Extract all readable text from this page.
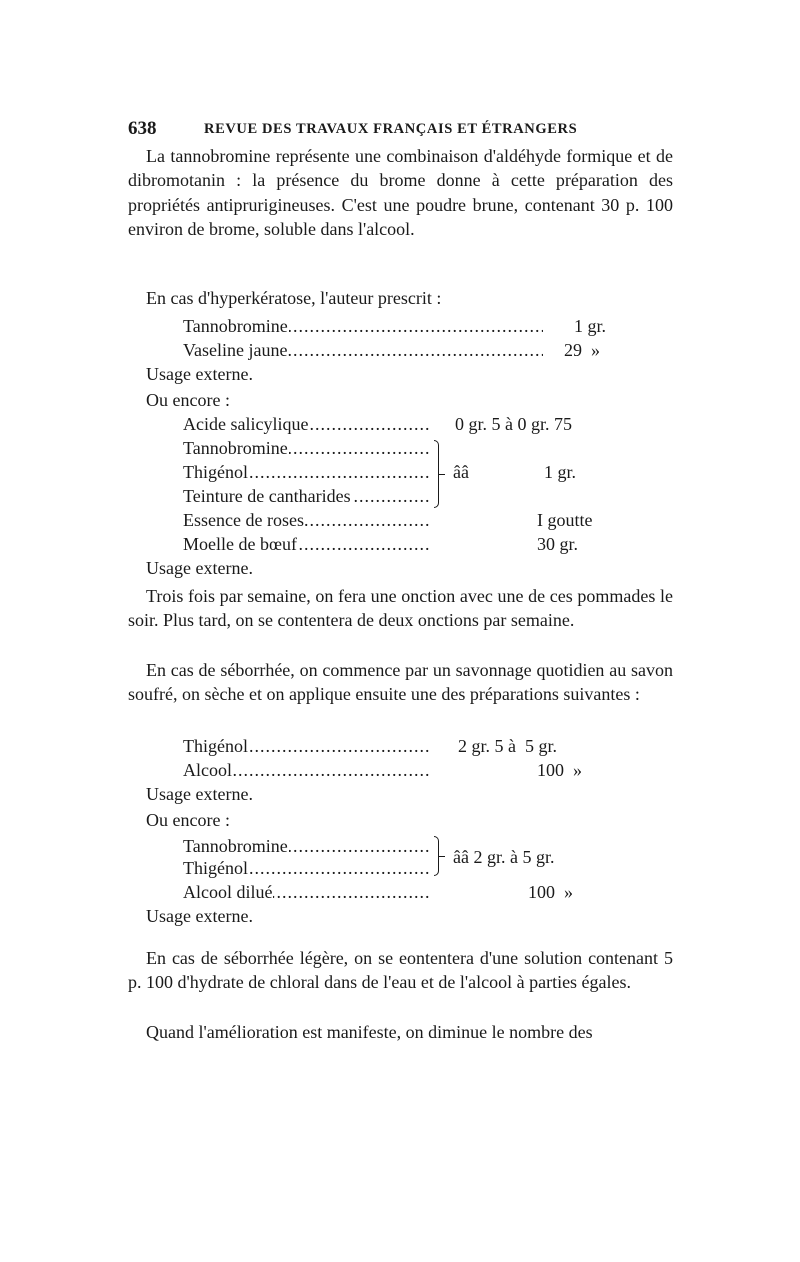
638	REVUE DES TRAVAUX FRANÇAIS ET ÉTRANGERS

La tannobromine représente une combinaison d'aldéhyde formique et de dibromotanin : la présence du brome donne à cette préparation des propriétés antiprurigineuses. C'est une poudre brune, contenant 30 p. 100 environ de brome, soluble dans l'alcool.

En cas d'hyperkératose, l'auteur prescrit :
Tannobromine .....	1 gr.
Vaseline jaune .....	29  »
Usage externe.
Ou encore :
Acide salicylique .....	0 gr. 5 à 0 gr. 75
Tannobromine .....
Thigénol .....
Teinture de cantharides .....
ââ	1 gr.
Essence de roses .....	I goutte
Moelle de bœuf .....	30 gr.
Usage externe.

Trois fois par semaine, on fera une onction avec une de ces pommades le soir. Plus tard, on se contentera de deux onctions par semaine.

En cas de séborrhée, on commence par un savonnage quotidien au savon soufré, on sèche et on applique ensuite une des préparations suivantes :

Thigénol .....	2 gr. 5 à  5 gr.
Alcool .....	100  »
Usage externe.
Ou encore :
Tannobromine .....
Thigénol .....
ââ 2 gr. à 5 gr.
Alcool dilué .....	100  »
Usage externe.

En cas de séborrhée légère, on se eontentera d'une solution contenant 5 p. 100 d'hydrate de chloral dans de l'eau et de l'alcool à parties égales.

Quand l'amélioration est manifeste, on diminue le nombre des
